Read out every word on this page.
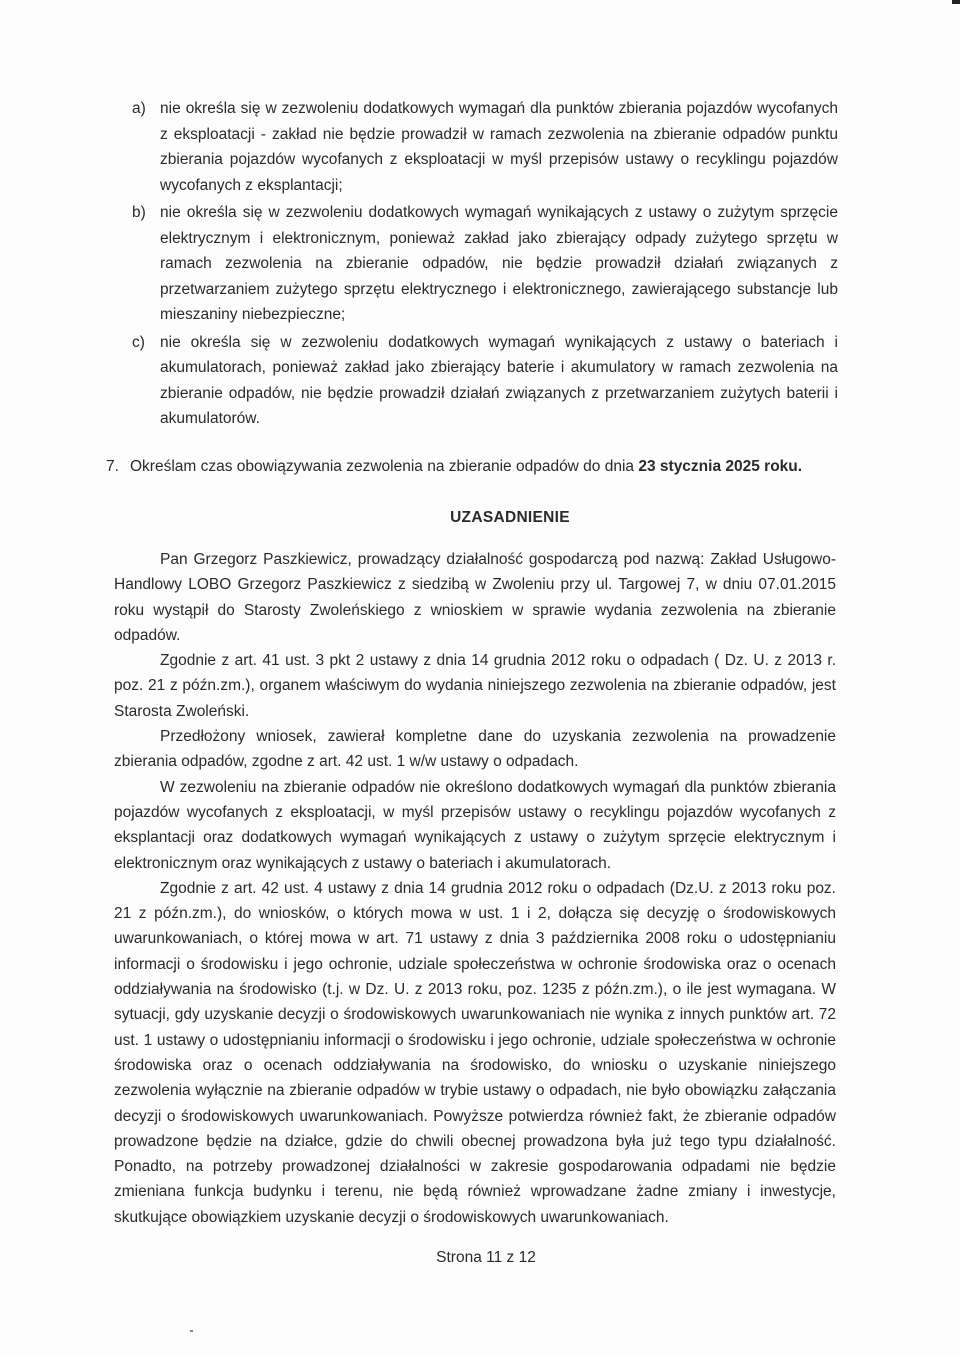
a) nie określa się w zezwoleniu dodatkowych wymagań dla punktów zbierania pojazdów wycofanych z eksploatacji - zakład nie będzie prowadził w ramach zezwolenia na zbieranie odpadów punktu zbierania pojazdów wycofanych z eksploatacji w myśl przepisów ustawy o recyklingu pojazdów wycofanych z eksplantacji;
b) nie określa się w zezwoleniu dodatkowych wymagań wynikających z ustawy o zużytym sprzęcie elektrycznym i elektronicznym, ponieważ zakład jako zbierający odpady zużytego sprzętu w ramach zezwolenia na zbieranie odpadów, nie będzie prowadził działań związanych z przetwarzaniem zużytego sprzętu elektrycznego i elektronicznego, zawierającego substancje lub mieszaniny niebezpieczne;
c) nie określa się w zezwoleniu dodatkowych wymagań wynikających z ustawy o bateriach i akumulatorach, ponieważ zakład jako zbierający baterie i akumulatory w ramach zezwolenia na zbieranie odpadów, nie będzie prowadził działań związanych z przetwarzaniem zużytych baterii i akumulatorów.
7. Określam czas obowiązywania zezwolenia na zbieranie odpadów do dnia 23 stycznia 2025 roku.
UZASADNIENIE

Pan Grzegorz Paszkiewicz, prowadzący działalność gospodarczą pod nazwą: Zakład Usługowo-Handlowy LOBO Grzegorz Paszkiewicz z siedzibą w Zwoleniu przy ul. Targowej 7, w dniu 07.01.2015 roku wystąpił do Starosty Zwoleńskiego z wnioskiem w sprawie wydania zezwolenia na zbieranie odpadów.

Zgodnie z art. 41 ust. 3 pkt 2 ustawy z dnia 14 grudnia 2012 roku o odpadach ( Dz. U. z 2013 r. poz. 21 z późn.zm.), organem właściwym do wydania niniejszego zezwolenia na zbieranie odpadów, jest Starosta Zwoleński.

Przedłożony wniosek, zawierał kompletne dane do uzyskania zezwolenia na prowadzenie zbierania odpadów, zgodne z art. 42 ust. 1 w/w ustawy o odpadach.

W zezwoleniu na zbieranie odpadów nie określono dodatkowych wymagań dla punktów zbierania pojazdów wycofanych z eksploatacji, w myśl przepisów ustawy o recyklingu pojazdów wycofanych z eksplantacji oraz dodatkowych wymagań wynikających z ustawy o zużytym sprzęcie elektrycznym i elektronicznym oraz wynikających z ustawy o bateriach i akumulatorach.

Zgodnie z art. 42 ust. 4 ustawy z dnia 14 grudnia 2012 roku o odpadach (Dz.U. z 2013 roku poz. 21 z późn.zm.), do wniosków, o których mowa w ust. 1 i 2, dołącza się decyzję o środowiskowych uwarunkowaniach, o której mowa w art. 71 ustawy z dnia 3 października 2008 roku o udostępnianiu informacji o środowisku i jego ochronie, udziale społeczeństwa w ochronie środowiska oraz o ocenach oddziaływania na środowisko (t.j. w Dz. U. z 2013 roku, poz. 1235 z późn.zm.), o ile jest wymagana. W sytuacji, gdy uzyskanie decyzji o środowiskowych uwarunkowaniach nie wynika z innych punktów art. 72 ust. 1 ustawy o udostępnianiu informacji o środowisku i jego ochronie, udziale społeczeństwa w ochronie środowiska oraz o ocenach oddziaływania na środowisko, do wniosku o uzyskanie niniejszego zezwolenia wyłącznie na zbieranie odpadów w trybie ustawy o odpadach, nie było obowiązku załączania decyzji o środowiskowych uwarunkowaniach. Powyższe potwierdza również fakt, że zbieranie odpadów prowadzone będzie na działce, gdzie do chwili obecnej prowadzona była już tego typu działalność. Ponadto, na potrzeby prowadzonej działalności w zakresie gospodarowania odpadami nie będzie zmieniana funkcja budynku i terenu, nie będą również wprowadzane żadne zmiany i inwestycje, skutkujące obowiązkiem uzyskanie decyzji o środowiskowych uwarunkowaniach.

Strona 11 z 12
